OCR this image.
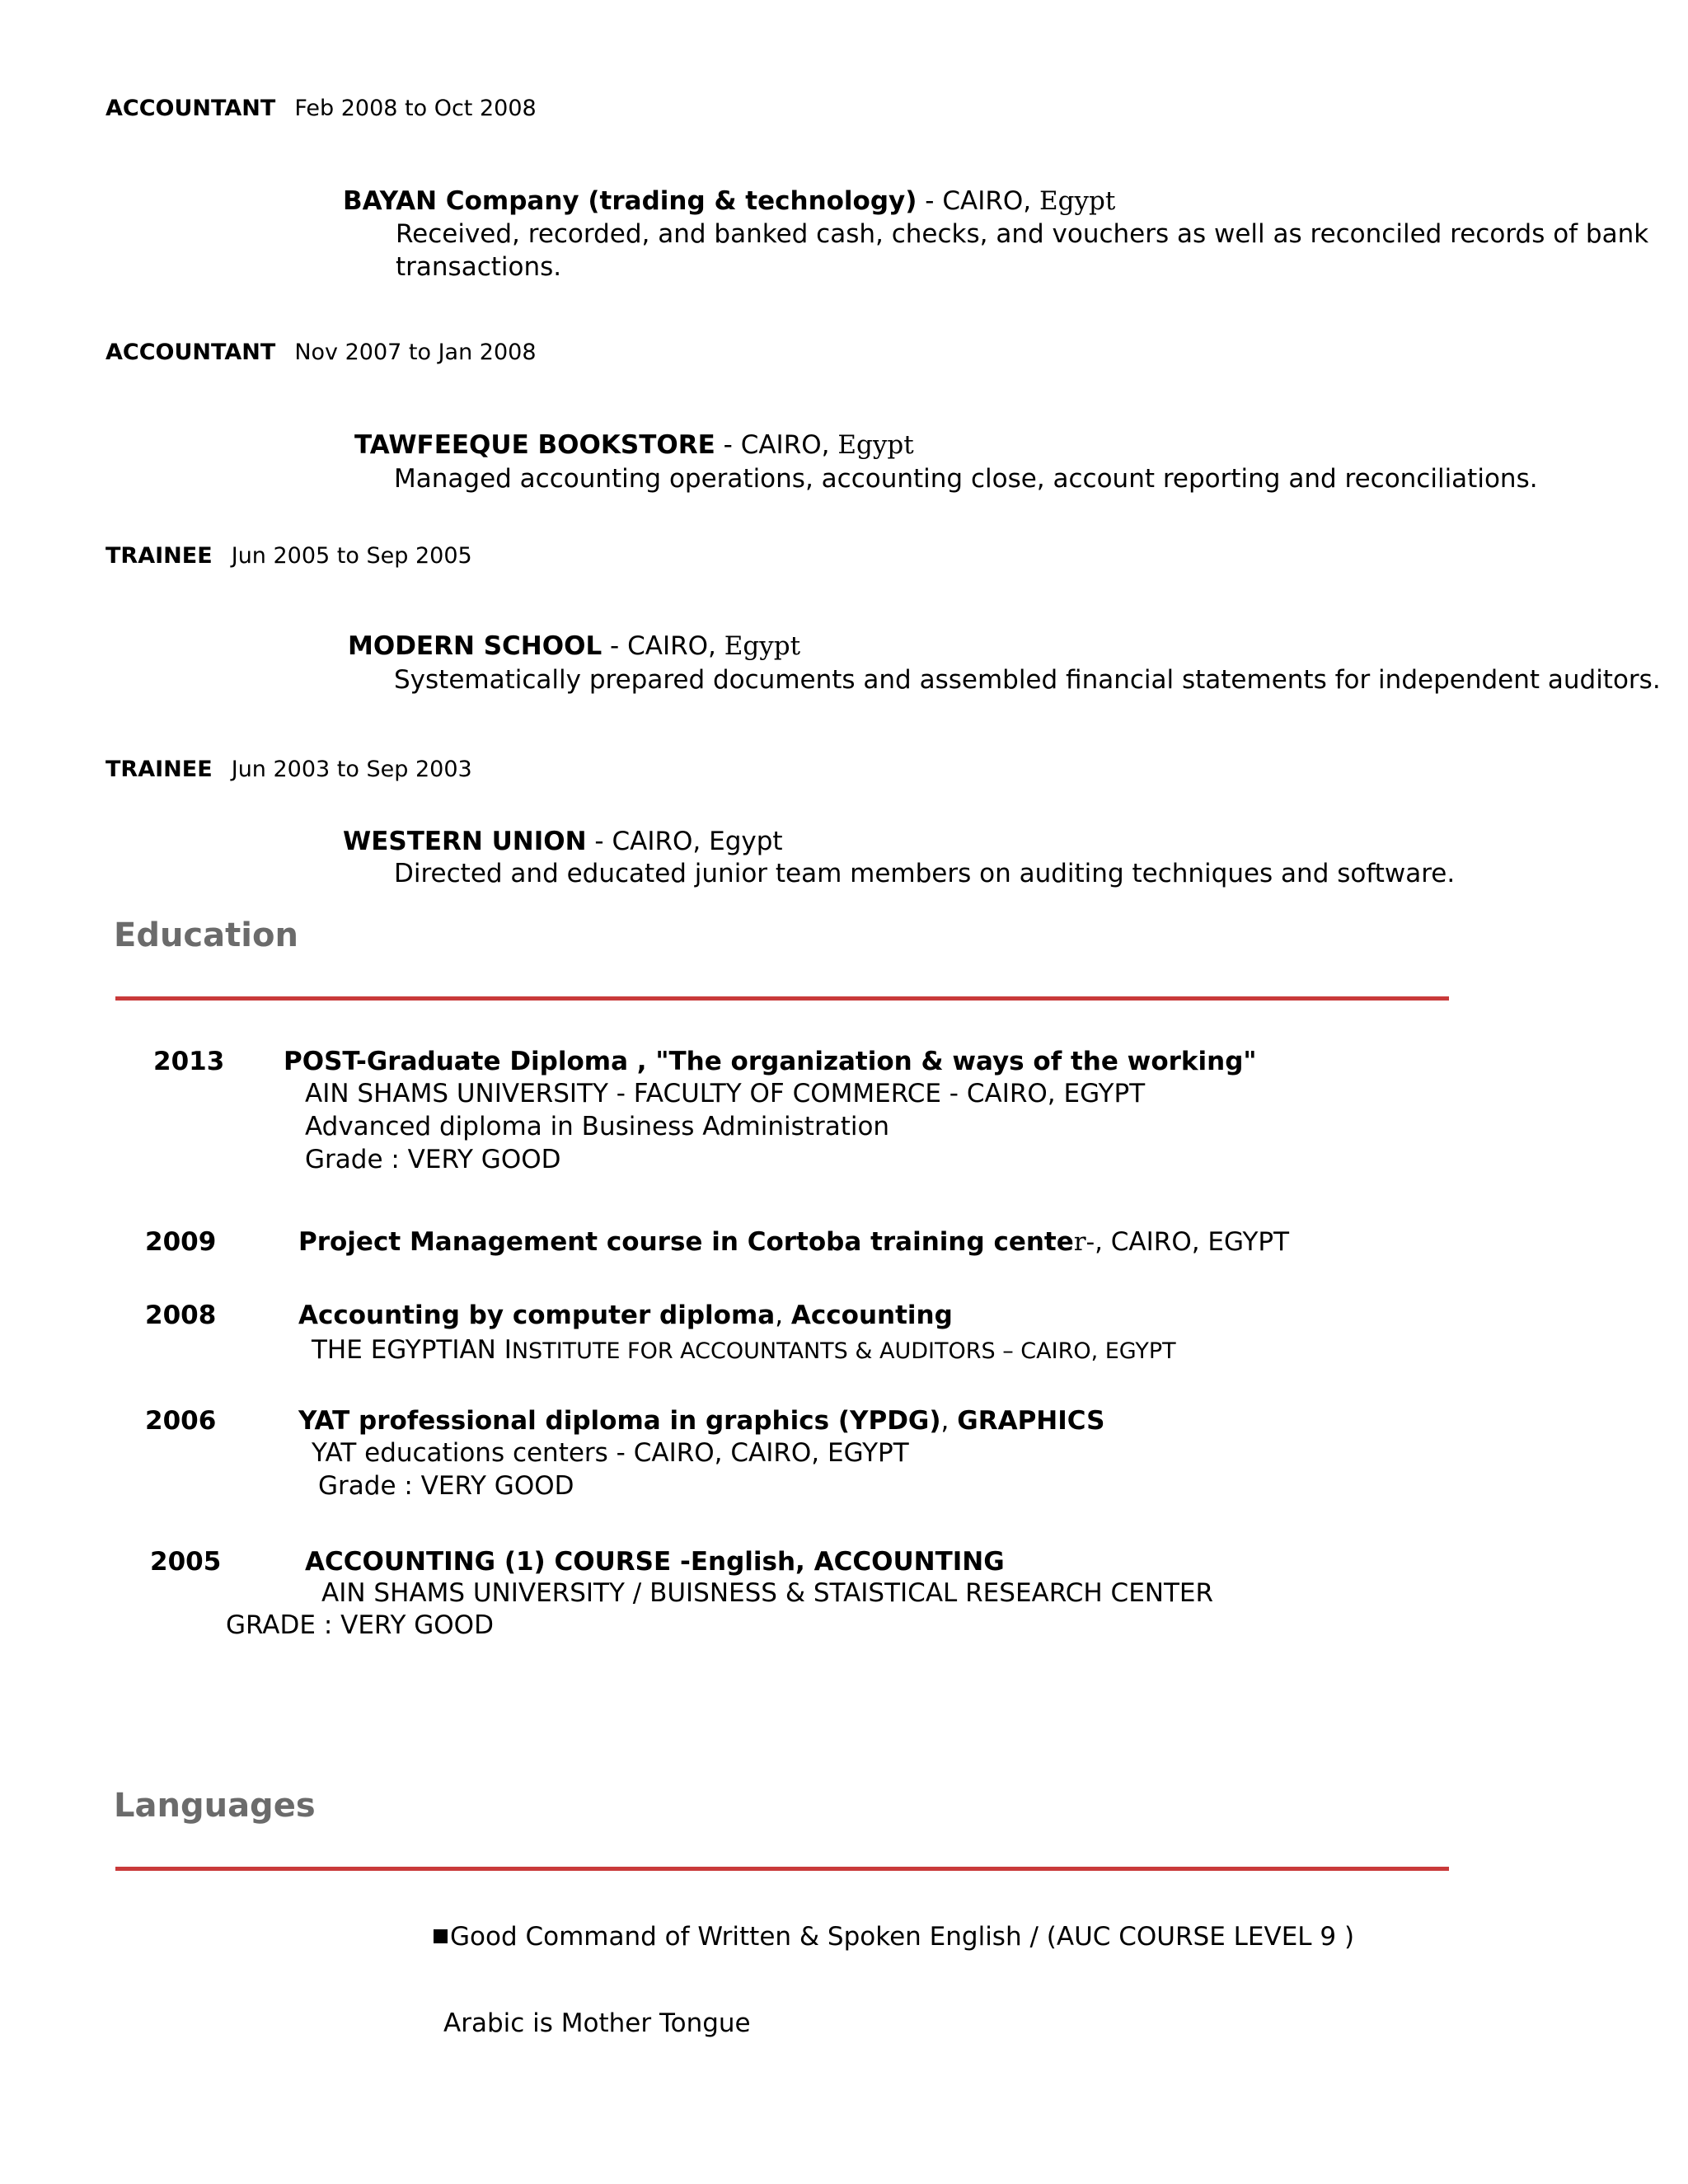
ACCOUNTANT Feb 2008 to Oct 2008
BAYAN Company (trading & technology) - CAIRO, Egypt
Received, recorded, and banked cash, checks, and vouchers as well as reconciled records of bank
transactions.
ACCOUNTANT Nov 2007 to Jan 2008
TAWFEEQUE BOOKSTORE - CAIRO, Egypt
Managed accounting operations, accounting close, account reporting and reconciliations.
TRAINEE Jun 2005 to Sep 2005
MODERN SCHOOL - CAIRO, Egypt
Systematically prepared documents and assembled financial statements for independent auditors.
TRAINEE Jun 2003 to Sep 2003
WESTERN UNION - CAIRO, Egypt
Directed and educated junior team members on auditing techniques and software.
Education
2013 POST-Graduate Diploma , "The organization & ways of the working"
AIN SHAMS UNIVERSITY - FACULTY OF COMMERCE - CAIRO, EGYPT
Advanced diploma in Business Administration
Grade : VERY GOOD
2009	Project Management course in Cortoba training center-, CAIRO, EGYPT
2008	Accounting by computer diploma, Accounting
THE EGYPTIAN INSTITUTE FOR ACCOUNTANTS & AUDITORS – CAIRO, EGYPT
2006	YAT professional diploma in graphics (YPDG), GRAPHICS
YAT educations centers - CAIRO, CAIRO, EGYPT
Grade : VERY GOOD
2005	ACCOUNTING (1) COURSE -English, ACCOUNTING
AIN SHAMS UNIVERSITY / BUISNESS & STAISTICAL RESEARCH CENTER
GRADE : VERY GOOD
Languages
Good Command of Written & Spoken English / (AUC COURSE LEVEL 9 )
Arabic is Mother Tongue
